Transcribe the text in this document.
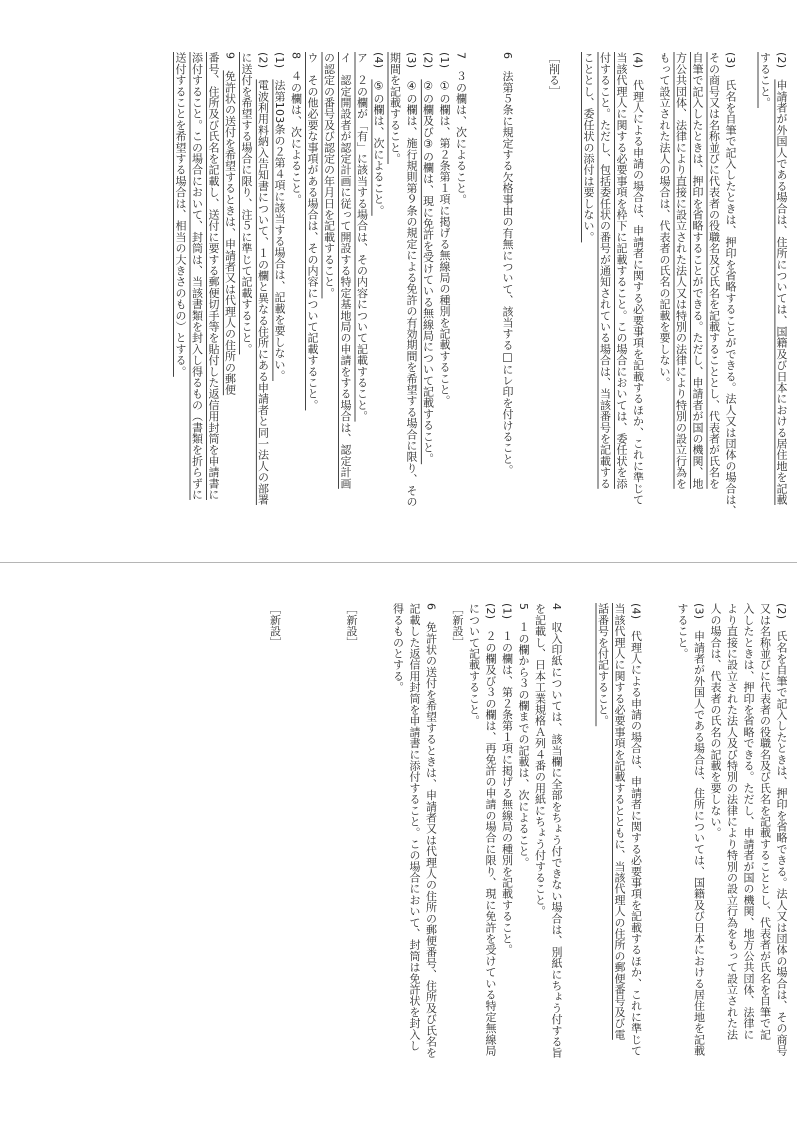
(2)　申請者が外国人である場合は、住所については、国籍及び日本における居住地を記載
すること。
(3)　氏名を自筆で記入したときは、押印を省略することができる。法人又は団体の場合は、
その商号又は名称並びに代表者の役職名及び氏名を記載することとし、代表者が氏名を
自筆で記入したときは、押印を省略することができる。ただし、申請者が国の機関、地
方公共団体、法律により直接に設立された法人又は特別の法律により特別の設立行為を
もって設立された法人の場合は、代表者の氏名の記載を要しない。
(4)　代理人による申請の場合は、申請者に関する必要事項を記載するほか、これに準じて
当該代理人に関する必要事項を枠下に記載すること。この場合においては、委任状を添
付すること。ただし、包括委任状の番号が通知されている場合は、当該番号を記載する
こととし、委任状の添付は要しない。
［削る］
6　法第５条に規定する欠格事由の有無について、該当する□にレ印を付けること。
7　３の欄は、次によること。
(1)　①の欄は、第２条第１項に掲げる無線局の種別を記載すること。
(2)　②の欄及び③の欄は、現に免許を受けている無線局について記載すること。
(3)　④の欄は、施行規則第９条の規定による免許の有効期間を希望する場合に限り、その
期間を記載すること。
(4)　⑤の欄は、次によること。
ア　２の欄が「有」に該当する場合は、その内容について記載すること。
イ　認定開設者が認定計画に従って開設する特定基地局の申請をする場合は、認定計画
の認定の番号及び認定の年月日を記載すること。
ウ　その他必要な事項がある場合は、その内容について記載すること。
8　４の欄は、次によること。
(1)　法第103条の２第４項に該当する場合は、記載を要しない。
(2)　電波利用料納入告知書について、１の欄と異なる住所にある申請者と同一法人の部署
に送付を希望する場合に限り、注５に準じて記載すること。
9　免許状の送付を希望するときは、申請者又は代理人の住所の郵便
番号、住所及び氏名を記載し、送付に要する郵便切手等を貼付した返信用封筒を申請書に
添付すること。この場合において、封筒は、当該書類を封入し得るもの（書類を折らずに
送付することを希望する場合は、相当の大きさのもの）とする。
(2)　氏名を自筆で記入したときは、押印を省略できる。法人又は団体の場合は、その商号
又は名称並びに代表者の役職名及び氏名を記載することとし、代表者が氏名を自筆で記
入したときは、押印を省略できる。ただし、申請者が国の機関、地方公共団体、法律に
より直接に設立された法人及び特別の法律により特別の設立行為をもって設立された法
人の場合は、代表者の氏名の記載を要しない。
(3)　申請者が外国人である場合は、住所については、国籍及び日本における居住地を記載
すること。
(4)　代理人による申請の場合は、申請者に関する必要事項を記載するほか、これに準じて
当該代理人に関する必要事項を記載するとともに、当該代理人の住所の郵便番号及び電
話番号を付記すること。
4　収入印紙については、該当欄に全部をちょう付できない場合は、別紙にちょう付する旨
を記載し、日本工業規格Ａ列４番の用紙にちょう付すること。
5　１の欄から３の欄までの記載は、次によること。
(1)　１の欄は、第２条第１項に掲げる無線局の種別を記載すること。
(2)　２の欄及び３の欄は、再免許の申請の場合に限り、現に免許を受けている特定無線局
について記載すること。
［新設］
6　免許状の送付を希望するときは、申請者又は代理人の住所の郵便番号、住所及び氏名を
記載した返信用封筒を申請書に添付すること。この場合において、封筒は免許状を封入し
得るものとする。
［新設］
［新設］
